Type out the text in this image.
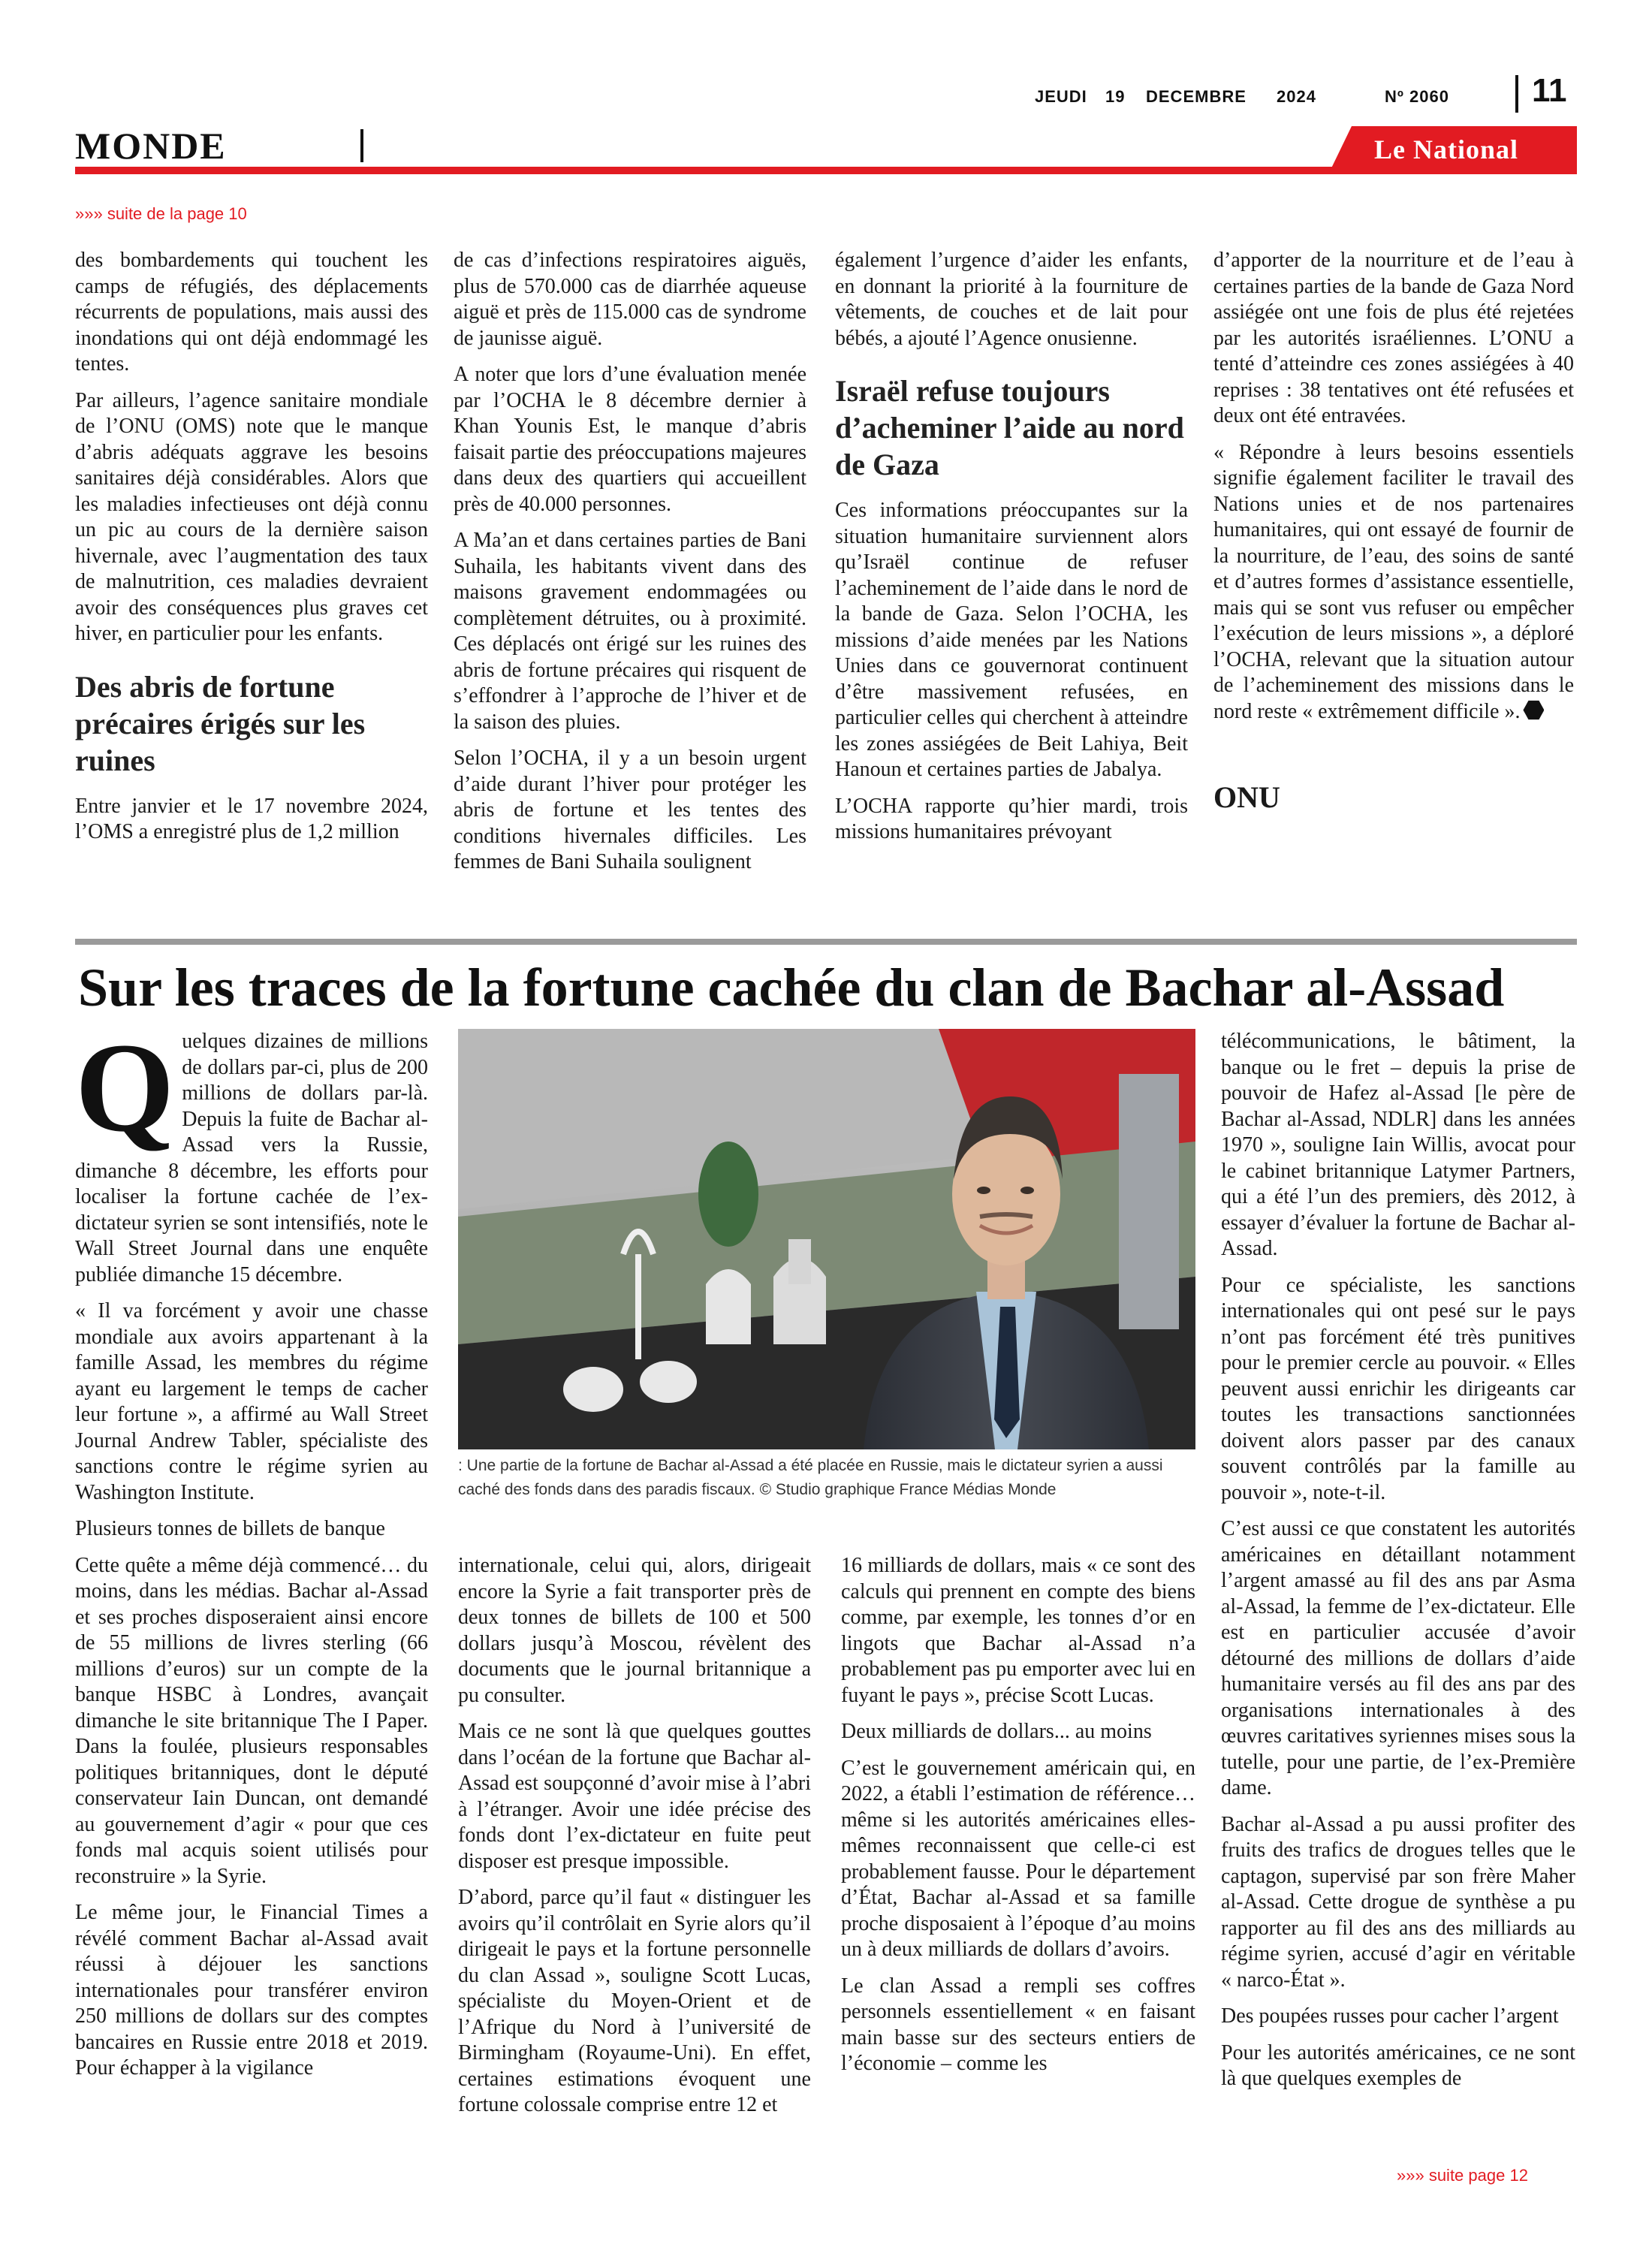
JEUDI 19 DECEMBRE 2024	Nº 2060	11
MONDE	Le National
»»» suite de la page 10

des bombardements qui touchent les camps de réfugiés, des déplacements récurrents de populations, mais aussi des inondations qui ont déjà endommagé les tentes.

Par ailleurs, l’agence sanitaire mondiale de l’ONU (OMS) note que le manque d’abris adéquats aggrave les besoins sanitaires déjà considérables. Alors que les maladies infectieuses ont déjà connu un pic au cours de la dernière saison hivernale, avec l’augmentation des taux de malnutrition, ces maladies devraient avoir des conséquences plus graves cet hiver, en particulier pour les enfants.

Des abris de fortune précaires érigés sur les ruines

Entre janvier et le 17 novembre 2024, l’OMS a enregistré plus de 1,2 million

de cas d’infections respiratoires aiguës, plus de 570.000 cas de diarrhée aqueuse aiguë et près de 115.000 cas de syndrome de jaunisse aiguë.

A noter que lors d’une évaluation menée par l’OCHA le 8 décembre dernier à Khan Younis Est, le manque d’abris faisait partie des préoccupations majeures dans deux des quartiers qui accueillent près de 40.000 personnes.

A Ma’an et dans certaines parties de Bani Suhaila, les habitants vivent dans des maisons gravement endommagées ou complètement détruites, ou à proximité. Ces déplacés ont érigé sur les ruines des abris de fortune précaires qui risquent de s’effondrer à l’approche de l’hiver et de la saison des pluies.

Selon l’OCHA, il y a un besoin urgent d’aide durant l’hiver pour protéger les abris de fortune et les tentes des conditions hivernales difficiles. Les femmes de Bani Suhaila soulignent

également l’urgence d’aider les enfants, en donnant la priorité à la fourniture de vêtements, de couches et de lait pour bébés, a ajouté l’Agence onusienne.

Israël refuse toujours d’acheminer l’aide au nord de Gaza

Ces informations préoccupantes sur la situation humanitaire surviennent alors qu’Israël continue de refuser l’acheminement de l’aide dans le nord de la bande de Gaza. Selon l’OCHA, les missions d’aide menées par les Nations Unies dans ce gouvernorat continuent d’être massivement refusées, en particulier celles qui cherchent à atteindre les zones assiégées de Beit Lahiya, Beit Hanoun et certaines parties de Jabalya.

L’OCHA rapporte qu’hier mardi, trois missions humanitaires prévoyant

d’apporter de la nourriture et de l’eau à certaines parties de la bande de Gaza Nord assiégée ont une fois de plus été rejetées par les autorités israéliennes. L’ONU a tenté d’atteindre ces zones assiégées à 40 reprises : 38 tentatives ont été refusées et deux ont été entravées.

« Répondre à leurs besoins essentiels signifie également faciliter le travail des Nations unies et de nos partenaires humanitaires, qui ont essayé de fournir de la nourriture, de l’eau, des soins de santé et d’autres formes d’assistance essentielle, mais qui se sont vus refuser ou empêcher l’exécution de leurs missions », a déploré l’OCHA, relevant que la situation autour de l’acheminement des missions dans le nord reste « extrêmement difficile ».

ONU
Sur les traces de la fortune cachée du clan de Bachar al-Assad

Quelques dizaines de millions de dollars par-ci, plus de 200 millions de dollars par-là. Depuis la fuite de Bachar al-Assad vers la Russie, dimanche 8 décembre, les efforts pour localiser la fortune cachée de l’ex-dictateur syrien se sont intensifiés, note le Wall Street Journal dans une enquête publiée dimanche 15 décembre.

« Il va forcément y avoir une chasse mondiale aux avoirs appartenant à la famille Assad, les membres du régime ayant eu largement le temps de cacher leur fortune », a affirmé au Wall Street Journal Andrew Tabler, spécialiste des sanctions contre le régime syrien au Washington Institute.

Plusieurs tonnes de billets de banque

Cette quête a même déjà commencé… du moins, dans les médias. Bachar al-Assad et ses proches disposeraient ainsi encore de 55 millions de livres sterling (66 millions d’euros) sur un compte de la banque HSBC à Londres, avançait dimanche le site britannique The I Paper. Dans la foulée, plusieurs responsables politiques britanniques, dont le député conservateur Iain Duncan, ont demandé au gouvernement d’agir « pour que ces fonds mal acquis soient utilisés pour reconstruire » la Syrie.

Le même jour, le Financial Times a révélé comment Bachar al-Assad avait réussi à déjouer les sanctions internationales pour transférer environ 250 millions de dollars sur des comptes bancaires en Russie entre 2018 et 2019. Pour échapper à la vigilance

: Une partie de la fortune de Bachar al-Assad a été placée en Russie, mais le dictateur syrien a aussi caché des fonds dans des paradis fiscaux. © Studio graphique France Médias Monde

internationale, celui qui, alors, dirigeait encore la Syrie a fait transporter près de deux tonnes de billets de 100 et 500 dollars jusqu’à Moscou, révèlent des documents que le journal britannique a pu consulter.

Mais ce ne sont là que quelques gouttes dans l’océan de la fortune que Bachar al-Assad est soupçonné d’avoir mise à l’abri à l’étranger. Avoir une idée précise des fonds dont l’ex-dictateur en fuite peut disposer est presque impossible.

D’abord, parce qu’il faut « distinguer les avoirs qu’il contrôlait en Syrie alors qu’il dirigeait le pays et la fortune personnelle du clan Assad », souligne Scott Lucas, spécialiste du Moyen-Orient et de l’Afrique du Nord à l’université de Birmingham (Royaume-Uni). En effet, certaines estimations évoquent une fortune colossale comprise entre 12 et

16 milliards de dollars, mais « ce sont des calculs qui prennent en compte des biens comme, par exemple, les tonnes d’or en lingots que Bachar al-Assad n’a probablement pas pu emporter avec lui en fuyant le pays », précise Scott Lucas.

Deux milliards de dollars... au moins

C’est le gouvernement américain qui, en 2022, a établi l’estimation de référence… même si les autorités américaines elles-mêmes reconnaissent que celle-ci est probablement fausse. Pour le département d’État, Bachar al-Assad et sa famille proche disposaient à l’époque d’au moins un à deux milliards de dollars d’avoirs.

Le clan Assad a rempli ses coffres personnels essentiellement « en faisant main basse sur des secteurs entiers de l’économie – comme les

télécommunications, le bâtiment, la banque ou le fret – depuis la prise de pouvoir de Hafez al-Assad [le père de Bachar al-Assad, NDLR] dans les années 1970 », souligne Iain Willis, avocat pour le cabinet britannique Latymer Partners, qui a été l’un des premiers, dès 2012, à essayer d’évaluer la fortune de Bachar al-Assad.

Pour ce spécialiste, les sanctions internationales qui ont pesé sur le pays n’ont pas forcément été très punitives pour le premier cercle au pouvoir. « Elles peuvent aussi enrichir les dirigeants car toutes les transactions sanctionnées doivent alors passer par des canaux souvent contrôlés par la famille au pouvoir », note-t-il.

C’est aussi ce que constatent les autorités américaines en détaillant notamment l’argent amassé au fil des ans par Asma al-Assad, la femme de l’ex-dictateur. Elle est en particulier accusée d’avoir détourné des millions de dollars d’aide humanitaire versés au fil des ans par des organisations internationales à des œuvres caritatives syriennes mises sous la tutelle, pour une partie, de l’ex-Première dame.

Bachar al-Assad a pu aussi profiter des fruits des trafics de drogues telles que le captagon, supervisé par son frère Maher al-Assad. Cette drogue de synthèse a pu rapporter au fil des ans des milliards au régime syrien, accusé d’agir en véritable « narco-État ».

Des poupées russes pour cacher l’argent

Pour les autorités américaines, ce ne sont là que quelques exemples de

»»» suite page 12
